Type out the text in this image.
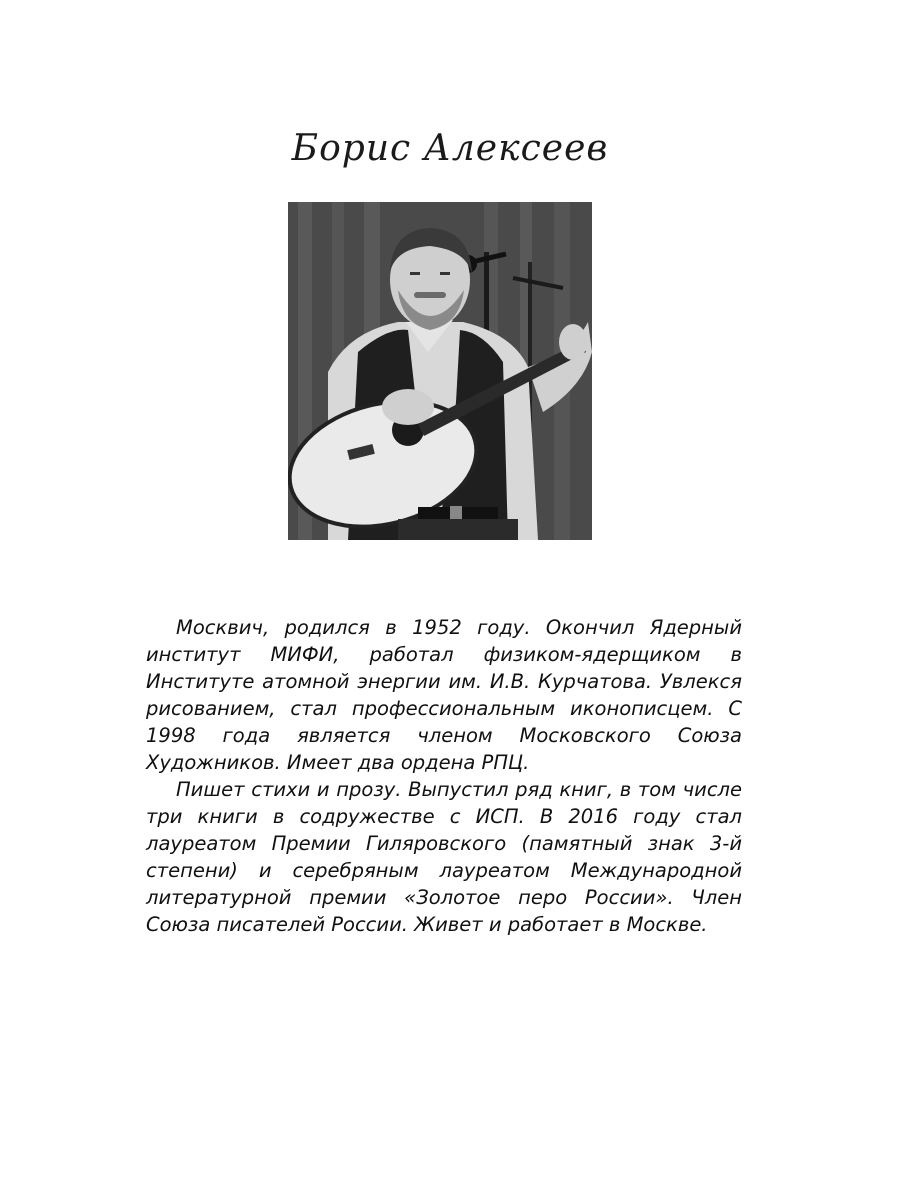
Борис Алексеев

Москвич, родился в 1952 году. Окончил Ядерный институт МИФИ, работал физиком-ядерщиком в Институте атомной энергии им. И.В. Курчатова. Увлекся рисованием, стал профессиональным иконописцем. С 1998 года является членом Московского Союза Художников. Имеет два ордена РПЦ.

Пишет стихи и прозу. Выпустил ряд книг, в том числе три книги в содружестве с ИСП. В 2016 году стал лауреатом Премии Гиляровского (памятный знак 3-й степени) и серебряным лауреатом Международной литературной премии «Золотое перо России». Член Союза писателей России. Живет и работает в Москве.
